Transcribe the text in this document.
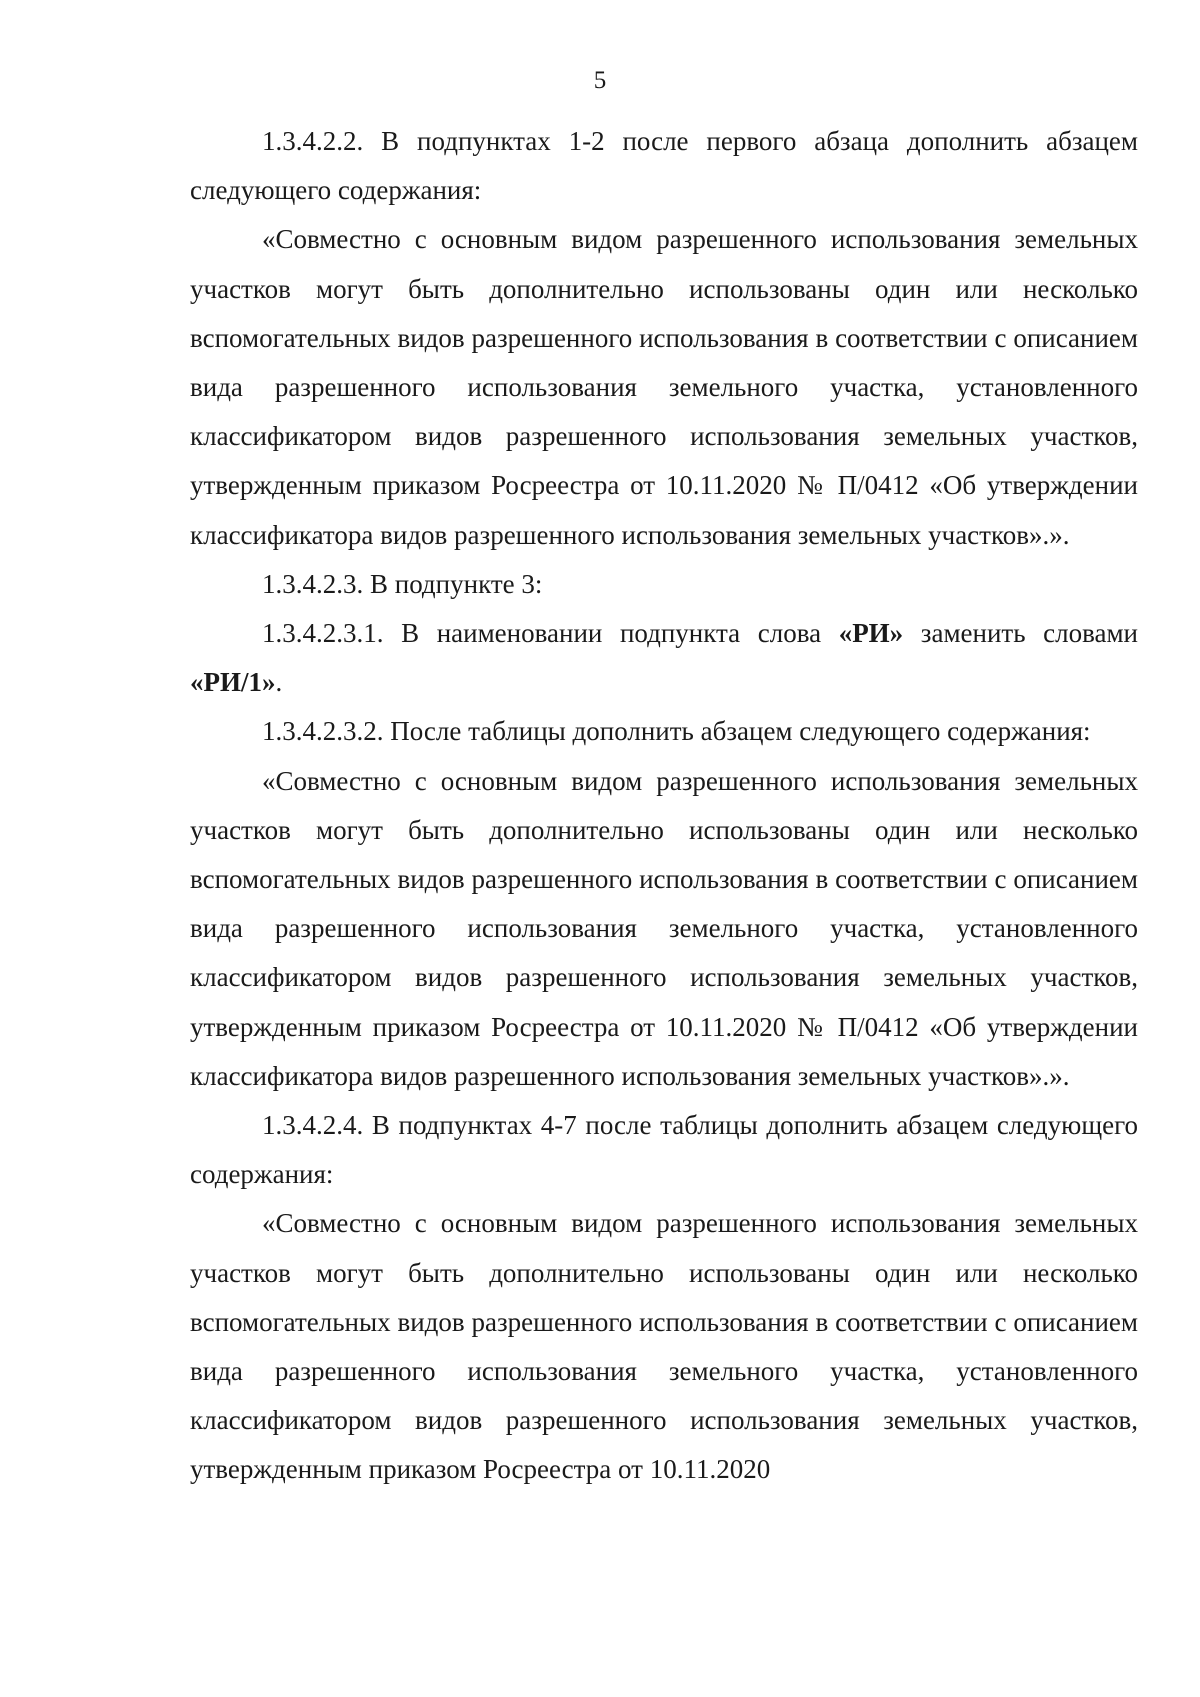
5

1.3.4.2.2. В подпунктах 1-2 после первого абзаца дополнить абзацем следующего содержания:

«Совместно с основным видом разрешенного использования земельных участков могут быть дополнительно использованы один или несколько вспомогательных видов разрешенного использования в соответствии с описанием вида разрешенного использования земельного участка, установленного классификатором видов разрешенного использования земельных участков, утвержденным приказом Росреестра от 10.11.2020 № П/0412 «Об утверждении классификатора видов разрешенного использования земельных участков».».

1.3.4.2.3. В подпункте 3:

1.3.4.2.3.1. В наименовании подпункта слова «РИ» заменить словами «РИ/1».

1.3.4.2.3.2. После таблицы дополнить абзацем следующего содержания:

«Совместно с основным видом разрешенного использования земельных участков могут быть дополнительно использованы один или несколько вспомогательных видов разрешенного использования в соответствии с описанием вида разрешенного использования земельного участка, установленного классификатором видов разрешенного использования земельных участков, утвержденным приказом Росреестра от 10.11.2020 № П/0412 «Об утверждении классификатора видов разрешенного использования земельных участков».».

1.3.4.2.4. В подпунктах 4-7 после таблицы дополнить абзацем следующего содержания:

«Совместно с основным видом разрешенного использования земельных участков могут быть дополнительно использованы один или несколько вспомогательных видов разрешенного использования в соответствии с описанием вида разрешенного использования земельного участка, установленного классификатором видов разрешенного использования земельных участков, утвержденным приказом Росреестра от 10.11.2020
